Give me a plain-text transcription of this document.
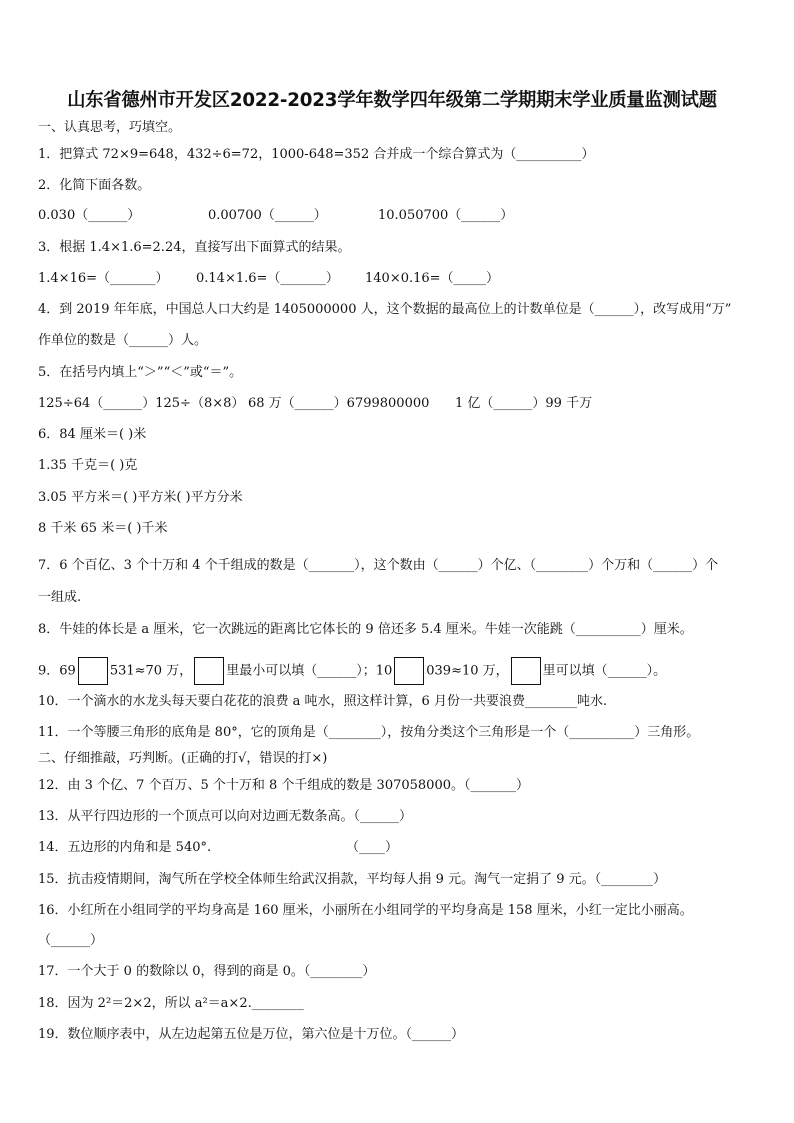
山东省德州市开发区2022-2023学年数学四年级第二学期期末学业质量监测试题
一、认真思考，巧填空。
1．把算式 72×9=648，432÷6=72，1000-648=352 合并成一个综合算式为（__________）
2．化简下面各数。
0.030（______）	0.00700（______）	10.050700（______）
3．根据 1.4×1.6=2.24，直接写出下面算式的结果。
1.4×16=（_______） 0.14×1.6=（_______） 140×0.16=（_____）
4．到 2019 年年底，中国总人口大约是 1405000000 人，这个数据的最高位上的计数单位是（______），改写成用“万”
作单位的数是（______）人。
5．在括号内填上“＞”“＜”或“＝”。
125÷64（______）125÷（8×8） 68 万（______）6799800000 1 亿（______）99 千万
6．84 厘米＝( )米
1.35 千克＝( )克
3.05 平方米＝( )平方米( )平方分米
8 千米 65 米＝( )千米
7．6 个百亿、3 个十万和 4 个千组成的数是（_______），这个数由（______）个亿、（________）个万和（______）个
一组成.
8．牛娃的体长是 a 厘米，它一次跳远的距离比它体长的 9 倍还多 5.4 厘米。牛娃一次能跳（__________）厘米。
9．69	531≈70 万，	里最小可以填（______）；10	039≈10 万，	里可以填（______）。
10．一个滴水的水龙头每天要白花花的浪费 a 吨水，照这样计算，6 月份一共要浪费________吨水.
11．一个等腰三角形的底角是 80°，它的顶角是（________），按角分类这个三角形是一个（__________）三角形。
二、仔细推敲，巧判断。(正确的打√，错误的打×)
12．由 3 个亿、7 个百万、5 个十万和 8 个千组成的数是 307058000。（_______）
13．从平行四边形的一个顶点可以向对边画无数条高。（______）
14．五边形的内角和是 540°.	（____）
15．抗击疫情期间，淘气所在学校全体师生给武汉捐款，平均每人捐 9 元。淘气一定捐了 9 元。（________）
16．小红所在小组同学的平均身高是 160 厘米，小丽所在小组同学的平均身高是 158 厘米，小红一定比小丽高。
（______）
17．一个大于 0 的数除以 0，得到的商是 0。（________）
18．因为 2²＝2×2，所以 a²＝a×2.________
19．数位顺序表中，从左边起第五位是万位，第六位是十万位。（______）
